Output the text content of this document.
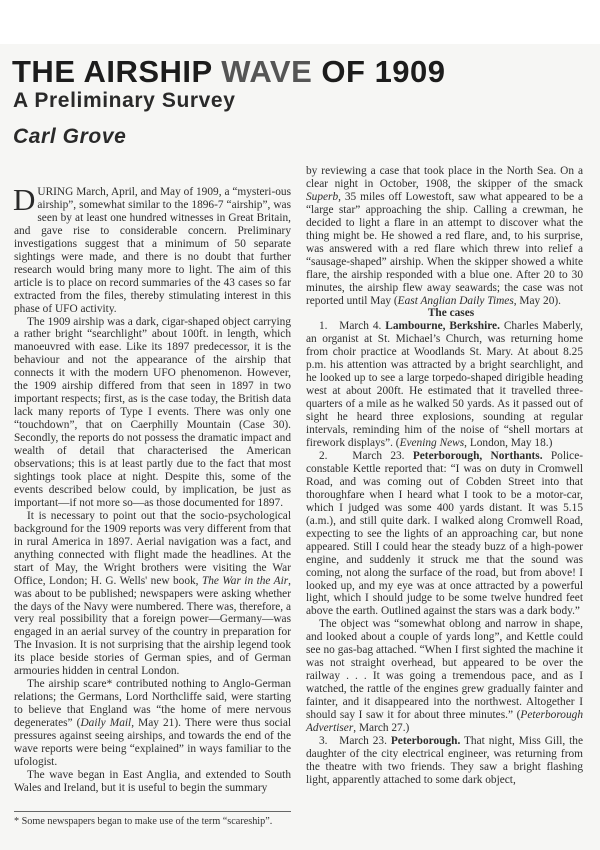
THE AIRSHIP WAVE OF 1909
A Preliminary Survey
Carl Grove

DURING March, April, and May of 1909, a “mysteri-ous airship”, somewhat similar to the 1896-7 “airship”, was seen by at least one hundred witnesses in Great Britain, and gave rise to considerable concern. Preliminary investigations suggest that a minimum of 50 separate sightings were made, and there is no doubt that further research would bring many more to light. The aim of this article is to place on record summaries of the 43 cases so far extracted from the files, thereby stimulating interest in this phase of UFO activity.

The 1909 airship was a dark, cigar-shaped object carrying a rather bright “searchlight” about 100ft. in length, which manoeuvred with ease. Like its 1897 predecessor, it is the behaviour and not the appearance of the airship that connects it with the modern UFO phenomenon. However, the 1909 airship differed from that seen in 1897 in two important respects; first, as is the case today, the British data lack many reports of Type I events. There was only one “touchdown”, that on Caerphilly Mountain (Case 30). Secondly, the reports do not possess the dramatic impact and wealth of detail that characterised the American observations; this is at least partly due to the fact that most sightings took place at night. Despite this, some of the events described below could, by implication, be just as important—if not more so—as those documented for 1897.

It is necessary to point out that the socio-psychological background for the 1909 reports was very different from that in rural America in 1897. Aerial navigation was a fact, and anything connected with flight made the headlines. At the start of May, the Wright brothers were visiting the War Office, London; H. G. Wells' new book, The War in the Air, was about to be published; newspapers were asking whether the days of the Navy were numbered. There was, therefore, a very real possibility that a foreign power—Germany—was engaged in an aerial survey of the country in preparation for The Invasion. It is not surprising that the airship legend took its place beside stories of German spies, and of German armouries hidden in central London.

The airship scare* contributed nothing to Anglo-German relations; the Germans, Lord Northcliffe said, were starting to believe that England was “the home of mere nervous degenerates” (Daily Mail, May 21). There were thus social pressures against seeing airships, and towards the end of the wave reports were being “explained” in ways familiar to the ufologist.

The wave began in East Anglia, and extended to South Wales and Ireland, but it is useful to begin the summary

* Some newspapers began to make use of the term “scareship”.

by reviewing a case that took place in the North Sea. On a clear night in October, 1908, the skipper of the smack Superb, 35 miles off Lowestoft, saw what appeared to be a “large star” approaching the ship. Calling a crewman, he decided to light a flare in an attempt to discover what the thing might be. He showed a red flare, and, to his surprise, was answered with a red flare which threw into relief a “sausage-shaped” airship. When the skipper showed a white flare, the airship responded with a blue one. After 20 to 30 minutes, the airship flew away seawards; the case was not reported until May (East Anglian Daily Times, May 20).

The cases

1.   March 4. Lambourne, Berkshire. Charles Maberly, an organist at St. Michael’s Church, was returning home from choir practice at Woodlands St. Mary. At about 8.25 p.m. his attention was attracted by a bright searchlight, and he looked up to see a large torpedo-shaped dirigible heading west at about 200ft. He estimated that it travelled three-quarters of a mile as he walked 50 yards. As it passed out of sight he heard three explosions, sounding at regular intervals, reminding him of the noise of “shell mortars at firework displays”. (Evening News, London, May 18.)

2.   March 23. Peterborough, Northants. Police-constable Kettle reported that: “I was on duty in Cromwell Road, and was coming out of Cobden Street into that thoroughfare when I heard what I took to be a motor-car, which I judged was some 400 yards distant. It was 5.15 (a.m.), and still quite dark. I walked along Cromwell Road, expecting to see the lights of an approaching car, but none appeared. Still I could hear the steady buzz of a high-power engine, and suddenly it struck me that the sound was coming, not along the surface of the road, but from above! I looked up, and my eye was at once attracted by a powerful light, which I should judge to be some twelve hundred feet above the earth. Outlined against the stars was a dark body.”

The object was “somewhat oblong and narrow in shape, and looked about a couple of yards long”, and Kettle could see no gas-bag attached. “When I first sighted the machine it was not straight overhead, but appeared to be over the railway . . . It was going a tremendous pace, and as I watched, the rattle of the engines grew gradually fainter and fainter, and it disappeared into the northwest. Altogether I should say I saw it for about three minutes.” (Peterborough Advertiser, March 27.)

3.   March 23. Peterborough. That night, Miss Gill, the daughter of the city electrical engineer, was returning from the theatre with two friends. They saw a bright flashing light, apparently attached to some dark object,
